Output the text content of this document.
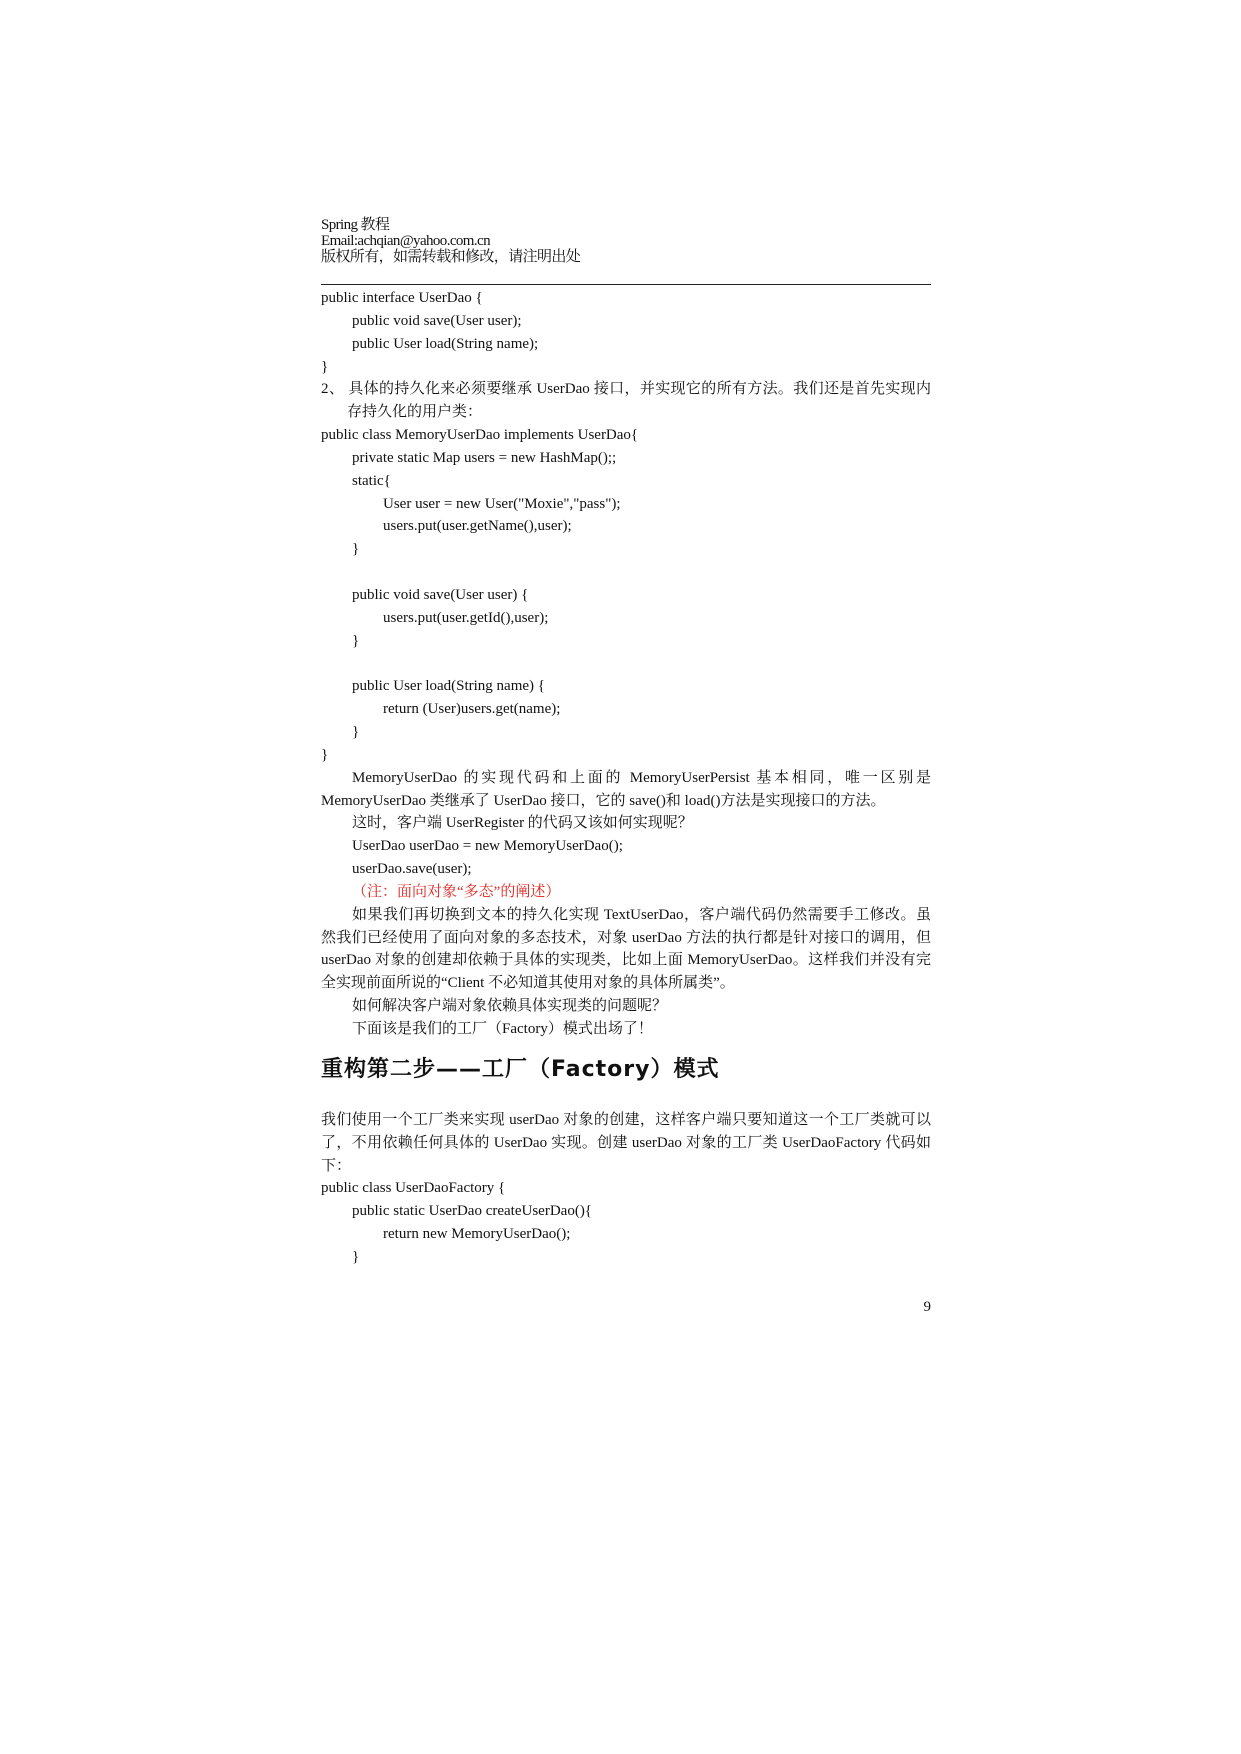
Spring 教程
Email:achqian@yahoo.com.cn
版权所有，如需转载和修改，请注明出处
public interface UserDao {
public void save(User user);
public User load(String name);
}
2、 具体的持久化来必须要继承 UserDao 接口，并实现它的所有方法。我们还是首先实现内
存持久化的用户类：
public class MemoryUserDao implements UserDao{
private static Map users = new HashMap();;
static{
User user = new User("Moxie","pass");
users.put(user.getName(),user);
}
public void save(User user) {
users.put(user.getId(),user);
}
public User load(String name) {
return (User)users.get(name);
}
}
MemoryUserDao 的实现代码和上面的 MemoryUserPersist 基本相同，唯一区别是
MemoryUserDao 类继承了 UserDao 接口，它的 save()和 load()方法是实现接口的方法。
这时，客户端 UserRegister 的代码又该如何实现呢？
UserDao userDao = new MemoryUserDao();
userDao.save(user);
（注：面向对象“多态”的阐述）
如果我们再切换到文本的持久化实现 TextUserDao，客户端代码仍然需要手工修改。虽
然我们已经使用了面向对象的多态技术，对象 userDao 方法的执行都是针对接口的调用，但
userDao 对象的创建却依赖于具体的实现类，比如上面 MemoryUserDao。这样我们并没有完
全实现前面所说的“Client 不必知道其使用对象的具体所属类”。
如何解决客户端对象依赖具体实现类的问题呢？
下面该是我们的工厂（Factory）模式出场了！
重构第二步——工厂（Factory）模式
我们使用一个工厂类来实现 userDao 对象的创建，这样客户端只要知道这一个工厂类就可以
了，不用依赖任何具体的 UserDao 实现。创建 userDao 对象的工厂类 UserDaoFactory 代码如
下：
public class UserDaoFactory {
public static UserDao createUserDao(){
return new MemoryUserDao();
}
9
